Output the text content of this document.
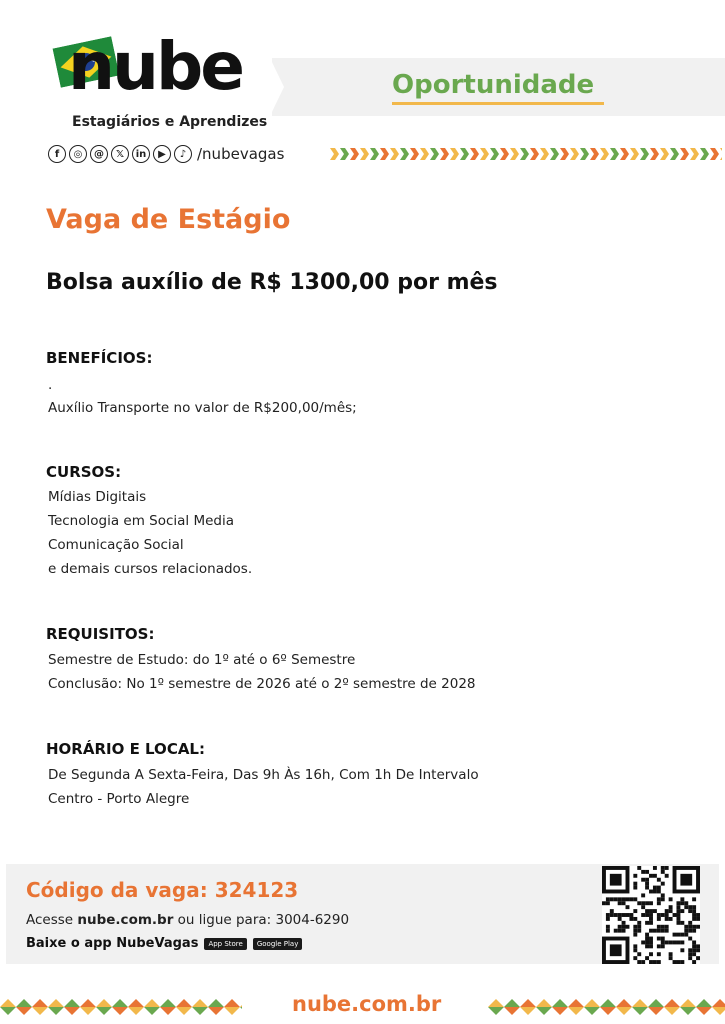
nube
Estagiários e Aprendizes
Oportunidade
f	◎	@	𝕏	in	▶	♪ /nubevagas
Vaga de Estágio
Bolsa auxílio de R$ 1300,00 por mês
BENEFÍCIOS:
.
Auxílio Transporte no valor de R$200,00/mês;
CURSOS:
Mídias Digitais
Tecnologia em Social Media
Comunicação Social
e demais cursos relacionados.
REQUISITOS:
Semestre de Estudo: do 1º até o 6º Semestre
Conclusão: No 1º semestre de 2026 até o 2º semestre de 2028
HORÁRIO E LOCAL:
De Segunda A Sexta-Feira, Das 9h Às 16h, Com 1h De Intervalo
Centro - Porto Alegre
Código da vaga: 324123
Acesse nube.com.br ou ligue para: 3004-6290
Baixe o app NubeVagas	App Store	Google Play
nube.com.br
